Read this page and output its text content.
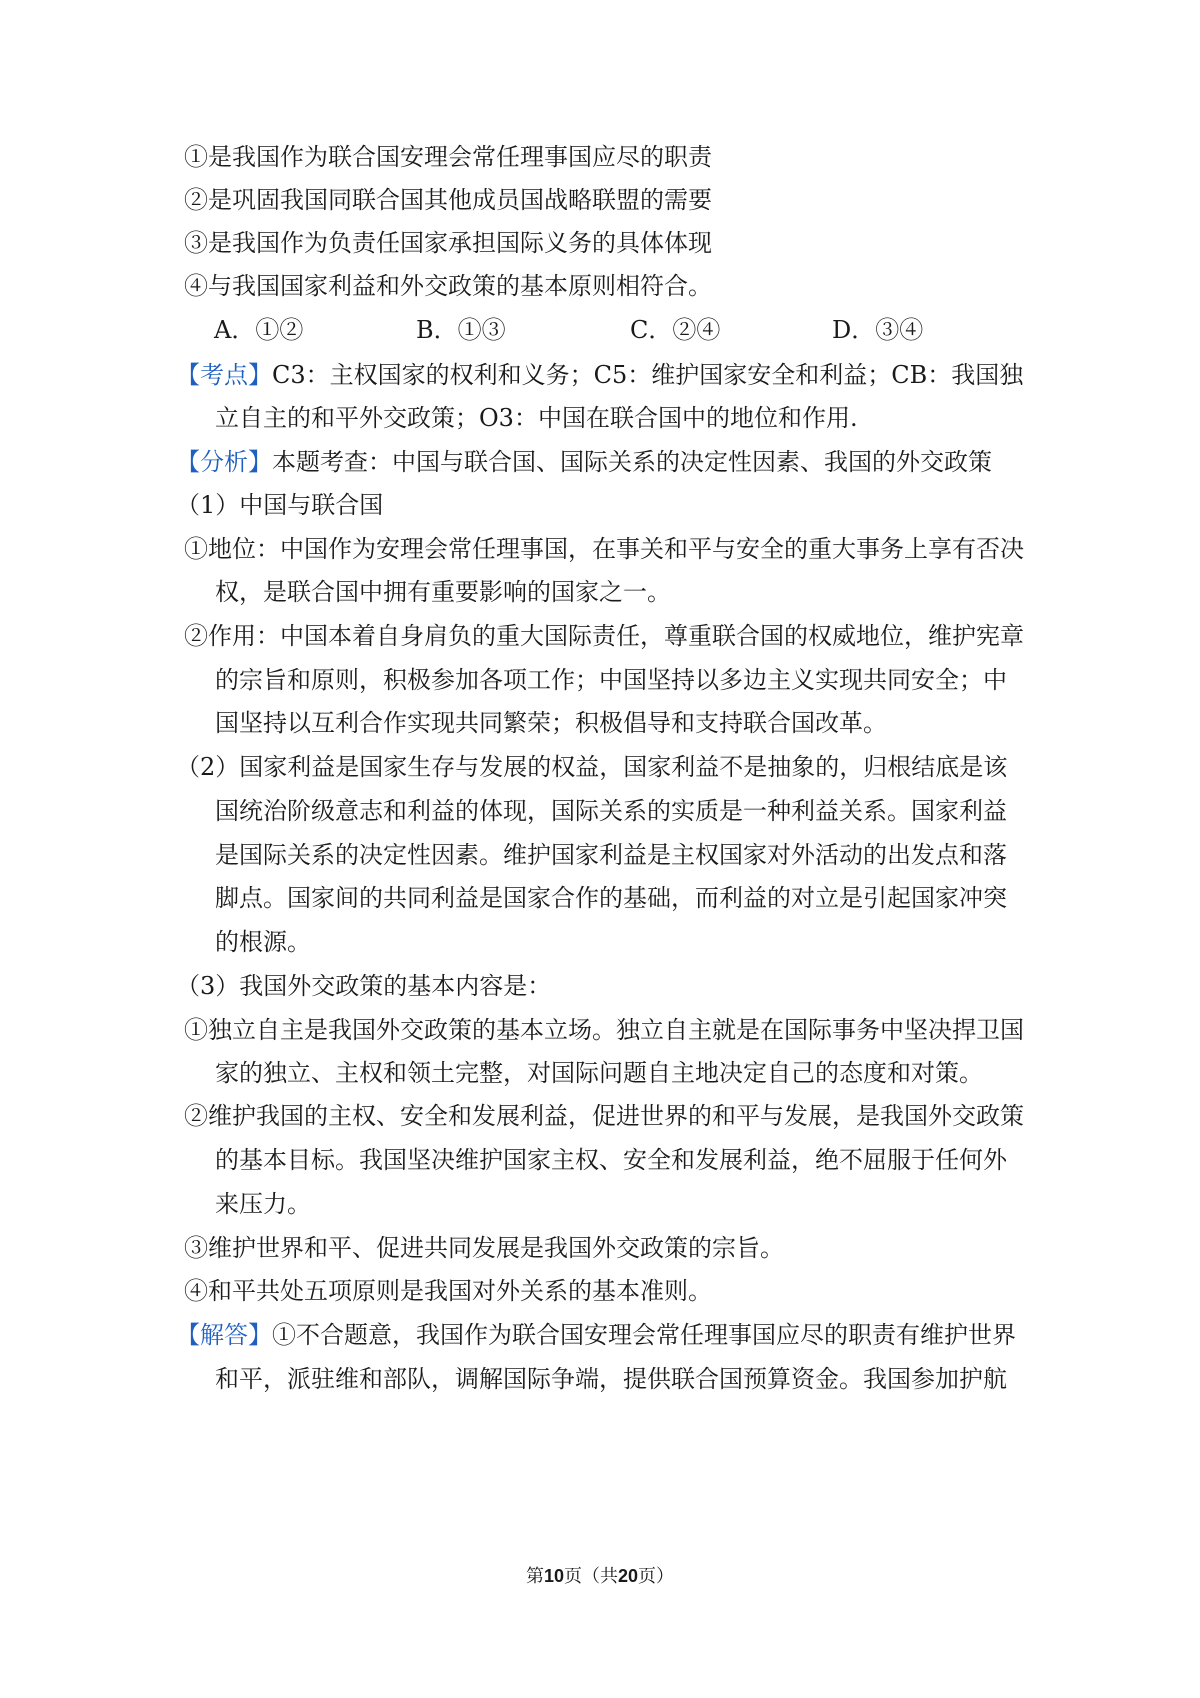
①是我国作为联合国安理会常任理事国应尽的职责
②是巩固我国同联合国其他成员国战略联盟的需要
③是我国作为负责任国家承担国际义务的具体体现
④与我国国家利益和外交政策的基本原则相符合。
A．①②	B．①③	C．②④	D．③④
【考点】C3：主权国家的权利和义务；C5：维护国家安全和利益；CB：我国独
立自主的和平外交政策；O3：中国在联合国中的地位和作用.
【分析】本题考查：中国与联合国、国际关系的决定性因素、我国的外交政策
（1）中国与联合国
①地位：中国作为安理会常任理事国，在事关和平与安全的重大事务上享有否决
权，是联合国中拥有重要影响的国家之一。
②作用：中国本着自身肩负的重大国际责任，尊重联合国的权威地位，维护宪章
的宗旨和原则，积极参加各项工作；中国坚持以多边主义实现共同安全；中
国坚持以互利合作实现共同繁荣；积极倡导和支持联合国改革。
（2）国家利益是国家生存与发展的权益，国家利益不是抽象的，归根结底是该
国统治阶级意志和利益的体现，国际关系的实质是一种利益关系。国家利益
是国际关系的决定性因素。维护国家利益是主权国家对外活动的出发点和落
脚点。国家间的共同利益是国家合作的基础，而利益的对立是引起国家冲突
的根源。
（3）我国外交政策的基本内容是：
①独立自主是我国外交政策的基本立场。独立自主就是在国际事务中坚决捍卫国
家的独立、主权和领土完整，对国际问题自主地决定自己的态度和对策。
②维护我国的主权、安全和发展利益，促进世界的和平与发展，是我国外交政策
的基本目标。我国坚决维护国家主权、安全和发展利益，绝不屈服于任何外
来压力。
③维护世界和平、促进共同发展是我国外交政策的宗旨。
④和平共处五项原则是我国对外关系的基本准则。
【解答】①不合题意，我国作为联合国安理会常任理事国应尽的职责有维护世界
和平，派驻维和部队，调解国际争端，提供联合国预算资金。我国参加护航
第10页（共20页）
